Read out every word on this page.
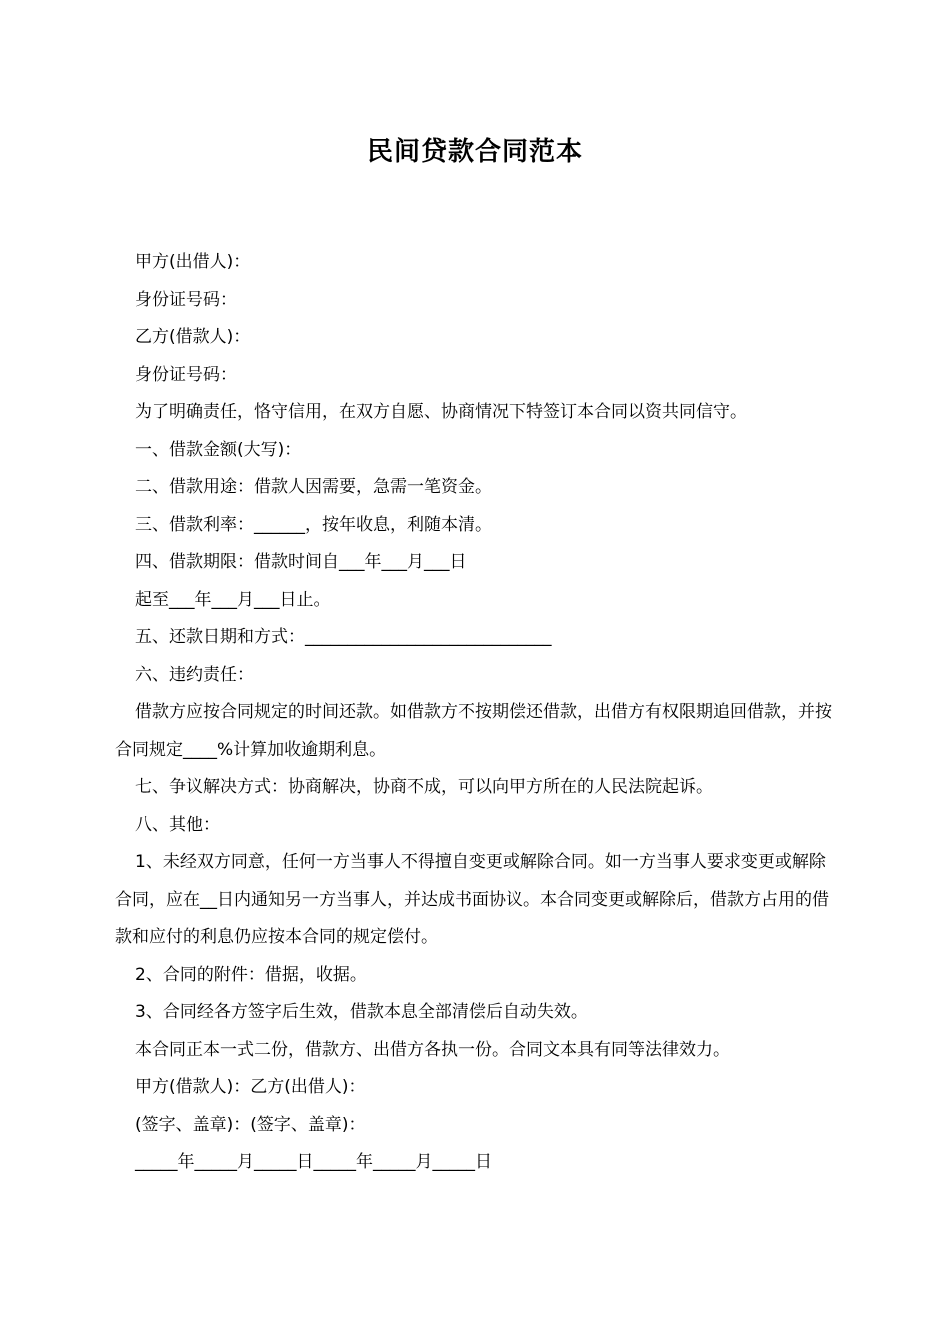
民间贷款合同范本

甲方(出借人)：

身份证号码：

乙方(借款人)：

身份证号码：

为了明确责任，恪守信用，在双方自愿、协商情况下特签订本合同以资共同信守。

一、借款金额(大写)：

二、借款用途：借款人因需要，急需一笔资金。

三、借款利率：______，按年收息，利随本清。

四、借款期限：借款时间自___年___月___日

起至___年___月___日止。

五、还款日期和方式：_____________________________

六、违约责任：

借款方应按合同规定的时间还款。如借款方不按期偿还借款，出借方有权限期追回借款，并按合同规定____%计算加收逾期利息。

七、争议解决方式：协商解决，协商不成，可以向甲方所在的人民法院起诉。

八、其他：

1、未经双方同意，任何一方当事人不得擅自变更或解除合同。如一方当事人要求变更或解除合同，应在__日内通知另一方当事人，并达成书面协议。本合同变更或解除后，借款方占用的借款和应付的利息仍应按本合同的规定偿付。

2、合同的附件：借据，收据。

3、合同经各方签字后生效，借款本息全部清偿后自动失效。

本合同正本一式二份，借款方、出借方各执一份。合同文本具有同等法律效力。

甲方(借款人)：乙方(出借人)：

(签字、盖章)：(签字、盖章)：

_____年_____月_____日_____年_____月_____日
